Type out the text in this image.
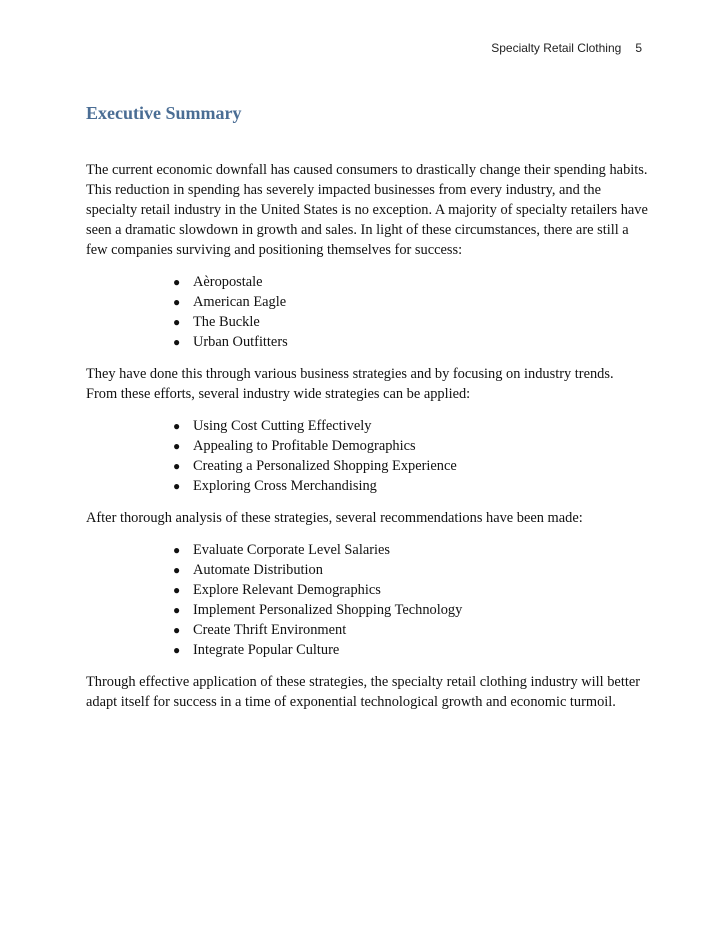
Specialty Retail Clothing 5
Executive Summary

The current economic downfall has caused consumers to drastically change their spending habits. This reduction in spending has severely impacted businesses from every industry, and the specialty retail industry in the United States is no exception. A majority of specialty retailers have seen a dramatic slowdown in growth and sales. In light of these circumstances, there are still a few companies surviving and positioning themselves for success:

● Aѐropostale
● American Eagle
● The Buckle
● Urban Outfitters

They have done this through various business strategies and by focusing on industry trends. From these efforts, several industry wide strategies can be applied:

● Using Cost Cutting Effectively
● Appealing to Profitable Demographics
● Creating a Personalized Shopping Experience
● Exploring Cross Merchandising

After thorough analysis of these strategies, several recommendations have been made:

● Evaluate Corporate Level Salaries
● Automate Distribution
● Explore Relevant Demographics
● Implement Personalized Shopping Technology
● Create Thrift Environment
● Integrate Popular Culture

Through effective application of these strategies, the specialty retail clothing industry will better adapt itself for success in a time of exponential technological growth and economic turmoil.
